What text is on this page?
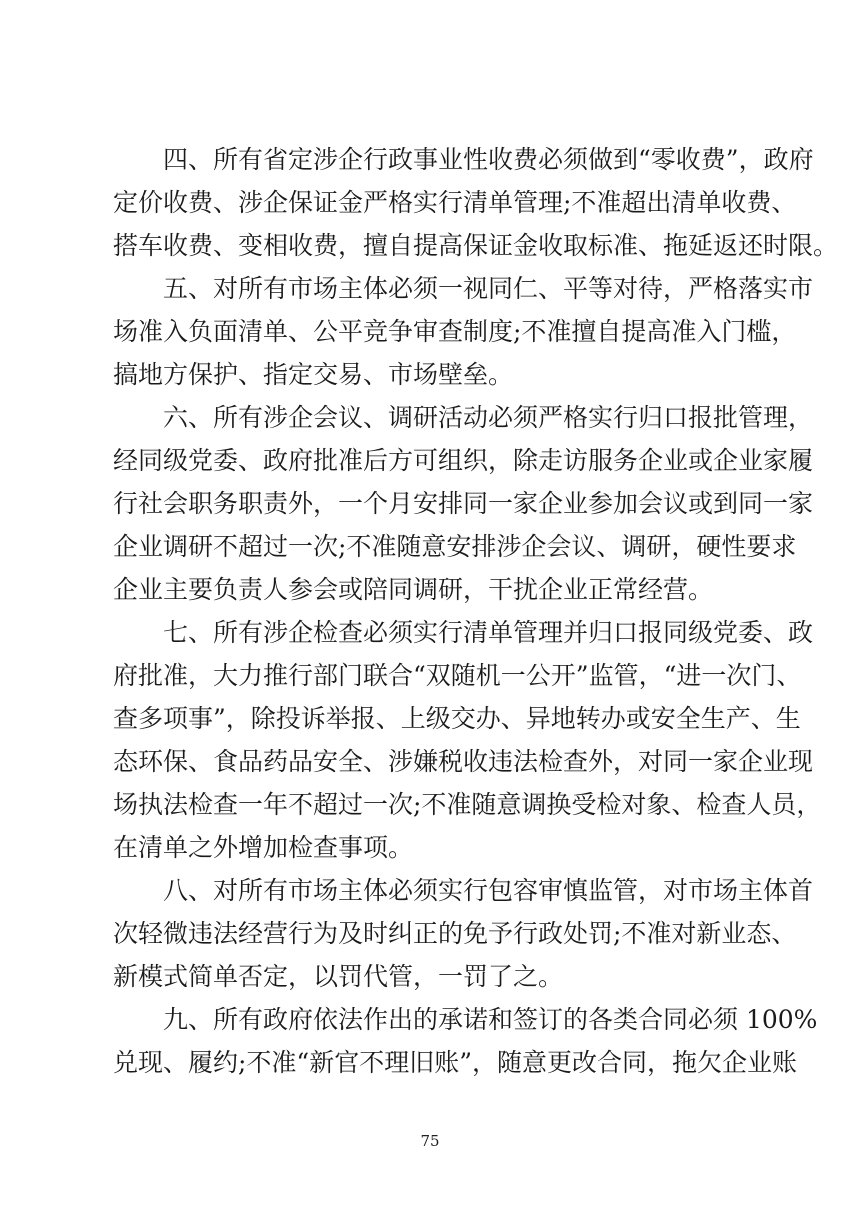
四、所有省定涉企行政事业性收费必须做到“零收费”，政府
定价收费、涉企保证金严格实行清单管理;不准超出清单收费、
搭车收费、变相收费，擅自提高保证金收取标准、拖延返还时限。
五、对所有市场主体必须一视同仁、平等对待，严格落实市
场准入负面清单、公平竞争审查制度;不准擅自提高准入门槛，
搞地方保护、指定交易、市场壁垒。
六、所有涉企会议、调研活动必须严格实行归口报批管理，
经同级党委、政府批准后方可组织，除走访服务企业或企业家履
行社会职务职责外，一个月安排同一家企业参加会议或到同一家
企业调研不超过一次;不准随意安排涉企会议、调研，硬性要求
企业主要负责人参会或陪同调研，干扰企业正常经营。
七、所有涉企检查必须实行清单管理并归口报同级党委、政
府批准，大力推行部门联合“双随机一公开”监管，“进一次门、
查多项事”，除投诉举报、上级交办、异地转办或安全生产、生
态环保、食品药品安全、涉嫌税收违法检查外，对同一家企业现
场执法检查一年不超过一次;不准随意调换受检对象、检查人员，
在清单之外增加检查事项。
八、对所有市场主体必须实行包容审慎监管，对市场主体首
次轻微违法经营行为及时纠正的免予行政处罚;不准对新业态、
新模式简单否定，以罚代管，一罚了之。
九、所有政府依法作出的承诺和签订的各类合同必须 100%
兑现、履约;不准“新官不理旧账”，随意更改合同，拖欠企业账
75
